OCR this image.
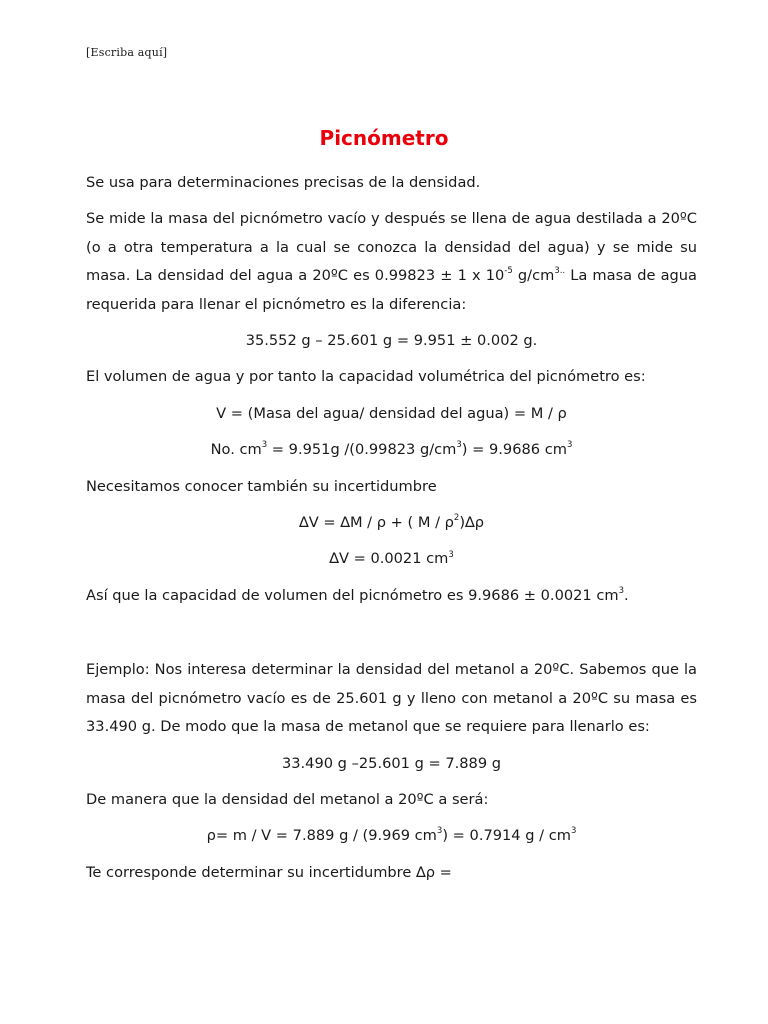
[Escriba aquí]
Picnómetro

Se usa para determinaciones precisas de la densidad.

Se mide la masa del picnómetro vacío y después se llena de agua destilada a 20ºC (o a otra temperatura a la cual se conozca la densidad del agua) y se mide su masa. La densidad del agua a 20ºC es 0.99823 ± 1 x $10^{-5}$ $g/cm^{3..}$ La masa de agua requerida para llenar el picnómetro es la diferencia:

35.552 g – 25.601 g = 9.951 ± 0.002 g.

El volumen de agua y por tanto la capacidad volumétrica del picnómetro es:

V = (Masa del agua/ densidad del agua) = M / ρ

No. $cm^3 = 9.951g$ /(0.99823 $g/cm^3) = 9.9686$ $cm^3$

Necesitamos conocer también su incertidumbre

∆V = ∆M / ρ + ( M / $\rho^2)\Delta\rho$

∆V = 0.0021 $cm^3$

Así que la capacidad de volumen del picnómetro es 9.9686 ± 0.0021 $cm^3$.

Ejemplo: Nos interesa determinar la densidad del metanol a 20ºC. Sabemos que la masa del picnómetro vacío es de 25.601 g y lleno con metanol a 20ºC su masa es 33.490 g. De modo que la masa de metanol que se requiere para llenarlo es:

33.490 g –25.601 g = 7.889 g

De manera que la densidad del metanol a 20ºC a será:

ρ= m / V = 7.889 g / (9.969 $cm^3) = 0.7914$ g / $cm^3$

Te corresponde determinar su incertidumbre ∆ρ =
